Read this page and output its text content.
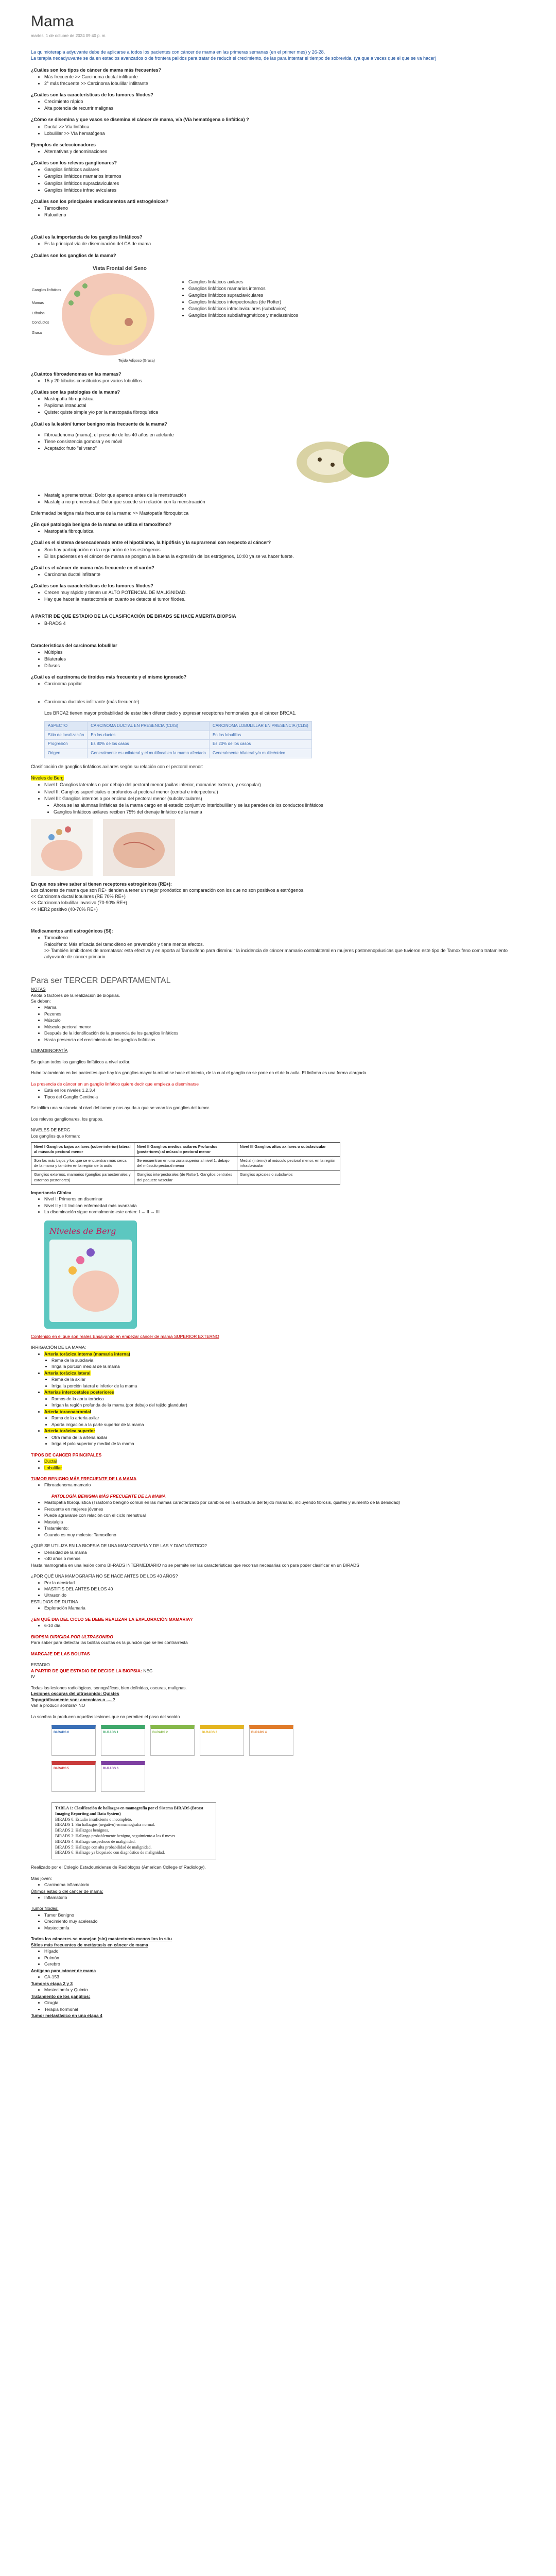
Mama
martes, 1 de octubre de 2024 09:40 p. m.

La quimioterapia adyuvante debe de aplicarse a todos los pacientes con cáncer de mama en las primeras semanas (en el primer mes) y 26-28.

La terapia neoadyuvante se da en estadios avanzados o de frontera palidos para tratar de reducir el crecimiento, de las para intentar el tiempo de sobrevida. (ya que a veces que el que se va hacer)

¿Cuáles son los tipos de cáncer de mama más frecuentes?

• Más frecuente >> Carcinoma ductal infiltrante
• 2° más frecuente >> Carcinoma lobulillar infiltrante

¿Cuáles son las características de los tumores filodes?

• Crecimiento rápido
• Alta potencia de recurrir malignas

¿Cómo se disemina y que vasos se disemina el cáncer de mama, vía (Vía hematógena o linfática) ?

• Ductal >> Vía linfática
• Lobulillar >> Vía hematógena

Ejemplos de seleccionadores

• Alternativas y denominaciones

¿Cuáles son los relevos ganglionares?

• Ganglios linfáticos axilares
• Ganglios linfáticos mamarios internos
• Ganglios linfáticos supraclaviculares
• Ganglios linfáticos infraclaviculares

¿Cuáles son los principales medicamentos anti estrogénicos?

• Tamoxifeno
• Raloxifeno

¿Cuál es la importancia de los ganglios linfáticos?

• Es la principal vía de diseminación del CA de mama

¿Cuáles son los ganglios de la mama?

Vista Frontal del Seno
Ganglios linfáticos
Mamas
Lóbulos
Conductos
Grasa
Tejido Adiposo (Grasa)
• Ganglios linfáticos axilares
• Ganglios linfáticos mamarios internos
• Ganglios linfáticos supraclaviculares
• Ganglios linfáticos interpectorales (de Rotter)
• Ganglios linfáticos infraclaviculares (subclavios)
• Ganglios linfáticos subdiafragmáticos y mediastínicos

¿Cuántos fibroadenomas en las mamas?

• 15 y 20 lóbulos constituidos por varios lobulillos

¿Cuáles son las patologías de la mama?

• Mastopatía fibroquística
• Papiloma intraductal
• Quiste: quiste simple y/o por la mastopatía fibroquística

¿Cuál es la lesión/ tumor benigno más frecuente de la mama?

• Fibroadenoma (mama), el presente de los 40 años en adelante
• Tiene consistencia gomosa y es móvil
• Aceptado: fruto "el vrano"
• Mastalgia premenstrual: Dolor que aparece antes de la menstruación
• Mastalgia no premenstrual: Dolor que sucede sin relación con la menstruación

Enfermedad benigna más frecuente de la mama: >> Mastopatía fibroquística

¿En qué patología benigna de la mama se utiliza el tamoxifeno?

• Mastopatía fibroquística

¿Cuál es el sistema desencadenado entre el hipotálamo, la hipófisis y la suprarrenal con respecto al cáncer?

• Son hay participación en la regulación de los estrógenos
• El los pacientes en el cáncer de mama se pongan a la buena la expresión de los estrógenos, 10:00 ya se va hacer fuerte.

¿Cuál es el cáncer de mama más frecuente en el varón?

• Carcinoma ductal infiltrante

¿Cuáles son las características de los tumores filodes?

• Crecen muy rápido y tienen un ALTO POTENCIAL DE MALIGNIDAD.
• Hay que hacer la mastectomía en cuanto se detecte el tumor filodes.

A PARTIR DE QUE ESTADIO DE LA CLASIFICACIÓN DE BIRADS SE HACE AMERITA BIOPSIA

• B-RADS 4

Características del carcinoma lobulillar

• Múltiples
• Bilaterales
• Difusos

¿Cuál es el carcinoma de tiroides más frecuente y el mismo ignorado?

• Carcinoma papilar
• Carcinoma ductales infiltrante (más frecuente)

Los BRCA2 tienen mayor probabilidad de estar bien diferenciado y expresar receptores hormonales que el cáncer BRCA1.

ASPECTO	CARCINOMA DUCTAL EN PRESENCIA (CDIS)	CARCINOMA LOBULILLAR EN PRESENCIA (CLIS)
Sitio de localización	En los ductos	En los lobulillos
Progresión	Es 80% de los casos	Es 20% de los casos
Origen	Generalmente es unilateral y el multifocal en la mama afectada	Generalmente bilateral y/o multicéntrico

Clasificación de ganglios linfáticos axilares según su relación con el pectoral menor:

Niveles de Berg

• Nivel I: Ganglios laterales o por debajo del pectoral menor (axilas inferior, mamarias externa, y escapular)
• Nivel II: Ganglios superficiales o profundos al pectoral menor (central e interpectoral)
• Nivel III: Ganglios internos o por encima del pectoral menor (subclaviculares)
• Ahora se las alumnas linfáticas de la mama cargo en el estadio conjuntivo interlobulillar y se las paredes de los conductos linfáticos
• Ganglios linfáticos axilares reciben 75% del drenaje linfático de la mama

En que nos sirve saber si tienen receptores estrogénicos (RE+):

Los cánceres de mama que son RE+ tienden a tener un mejor pronóstico en comparación con los que no son positivos a estrógenos.

<< Carcinoma ductal lobulares (RE 70% RE+)

<< Carcinoma lobulillar invasivo (70-90% RE+)

<< HER2 positivo (40-70% RE+)

Medicamentos anti estrogénicos (SI):

• Tamoxifeno

Raloxifeno: Más eficacia del tamoxifeno en prevención y tiene menos efectos.

>> También inhibidores de aromatasa: esta efectiva y en aporta al Tamoxifeno para disminuir la incidencia de cáncer mamario contralateral en mujeres postmenopáusicas que tuvieron este tipo de Tamoxifeno como tratamiento adyuvante de cáncer primario.

Para ser TERCER DEPARTAMENTAL

NOTAS

Anota o factores de la realización de biopsias.

Se deben:

• Mama
• Pezones
• Músculo
• Músculo pectoral menor
• Después de la identificación de la presencia de los ganglios linfáticos
• Hasta presencia del crecimiento de los ganglios linfáticos

LINFADENOPATÍA

Se quitan todos los ganglios linfáticos a nivel axilar.

Hubo tratamiento en las pacientes que hay los ganglios mayor la mitad se hace el intento, de la cual el ganglio no se pone en el de la axila. El linfoma es una forma alargada.

La presencia de cáncer en un ganglio linfático quiere decir que empieza a diseminarse

• Está en los niveles 1,2,3,4
• Tipos del Ganglio Centinela

Se infiltra una sustancia al nivel del tumor y nos ayuda a que se vean los ganglios del tumor.

Los relevos ganglionares, los grupos.

NIVELES DE BERG

Los ganglios que forman:

Nivel I Ganglios bajos axilares (sobre inferior) lateral al músculo pectoral menor	Nivel II Ganglios medios axilares Profundos (posteriores) al músculo pectoral menor	Nivel III Ganglios altos axilares o subclavicular
Son los más bajos y los que se encuentran más cerca de la mama y también en la región de la axila	Se encuentran en una zona superior al nivel 1, debajo del músculo pectoral menor	Medial (interno) al músculo pectoral menor, en la región infraclavicular
Ganglios externos, mamarios (ganglios paraesternales y externos posteriores)	Ganglios interpectorales (de Rotter). Ganglios centrales del paquete vascular	Ganglios apicales o subclavios

Importancia Clínica

• Nivel I: Primeros en diseminar
• Nivel II y III: Indican enfermedad más avanzada
• La diseminación sigue normalmente este orden: I → II → III
Niveles de Berg

Contenido en el que son reales Ensayando en empezar cáncer de mama SUPERIOR EXTERNO

IRRIGACIÓN DE LA MAMA:

• Arteria torácica interna (mamaria interna)
• Rama de la subclavia
• Irriga la porción medial de la mama
• Arteria torácica lateral
• Rama de la axilar
• Irriga la porción lateral e inferior de la mama
• Arterias intercostales posteriores
• Ramos de la aorta torácica
• Irrigan la región profunda de la mama (por debajo del tejido glandular)
• Arteria toracoacromial
• Rama de la arteria axilar
• Aporta irrigación a la parte superior de la mama
• Arteria torácica superior
• Otra rama de la arteria axilar
• Irriga el polo superior y medial de la mama

TIPOS DE CANCER PRINCIPALES

• Ductal
• Lobulillar

TUMOR BENIGNO MÁS FRECUENTE DE LA MAMA

• Fibroadenoma mamario

PATOLOGÍA BENIGNA MÁS FRECUENTE DE LA MAMA

• Mastopatía fibroquística (Trastorno benigno común en las mamas caracterizado por cambios en la estructura del tejido mamario, incluyendo fibrosis, quistes y aumento de la densidad)
• Frecuente en mujeres jóvenes
• Puede agravarse con relación con el ciclo menstrual
• Mastalgia
• Tratamiento:
• Cuando es muy molesto: Tamoxifeno

¿QUÉ SE UTILIZA EN LA BIOPSIA DE UNA MAMOGRAFÍA Y DE LAS Y DIAGNÓSTICO?

• Densidad de la mama
• <40 años o menos

Hasta mamografía en una lesión como BI-RADS INTERMEDIARIO no se permite ver las características que recorran necesarias con para poder clasificar en un BIRADS

¿POR QUÉ UNA MAMOGRAFÍA NO SE HACE ANTES DE LOS 40 AÑOS?

• Por la densidad
• MASTITIS DEL ANTES DE LOS 40
• Ultrasonido

ESTUDIOS DE RUTINA

• Exploración Mamaria

¿EN QUÉ DIA DEL CICLO SE DEBE REALIZAR LA EXPLORACIÓN MAMARIA?

• 6-10 día

BIOPSIA DIRIGIDA POR ULTRASONIDO

Para saber para detectar las bolitas ocultas es la punción que se les contrarresta

MARCAJE DE LAS BOLITAS

ESTADIO

A PARTIR DE QUE ESTADIO DE DECIDE LA BIOPSIA: NEC

IV

Todas las lesiones radiológicas, sonográficas, bien definidas, oscuras, malignas.

Lesiones oscuras del ultrasonido: Quistes

Topográficamente son: anecoicas o .....?

Van a producir sombra? NO

La sombra la producen aquellas lesiones que no permiten el paso del sonido

BI-RADS 0	BI-RADS 1	BI-RADS 2	BI-RADS 3	BI-RADS 4
BI-RADS 5	BI-RADS 6

TABLA 1: Clasificación de hallazgos en mamografía por el Sistema BIRADS (Breast Imaging Reporting and Data System)

BIRADS 0: Estudio insuficiente o incompleto.

BIRADS 1: Sin hallazgos (negativo) en mamografía normal.

BIRADS 2: Hallazgos benignos.

BIRADS 3: Hallazgo probablemente benigno, seguimiento a los 6 meses.

BIRADS 4: Hallazgo sospechoso de malignidad.

BIRADS 5: Hallazgo con alta probabilidad de malignidad.

BIRADS 6: Hallazgo ya biopsiado con diagnóstico de malignidad.

Realizado por el Colegio Estadounidense de Radiólogos (American College of Radiology).

Mas joven:

• Carcinoma inflamatorio

Últimos estadío del cáncer de mama:

• Inflamatorio

Tumor filodes:

• Tumor Benigno
• Crecimiento muy acelerado
• Mastectomía

Todos los cánceres se manejan (sin) mastectomía menos los in situ

Sitios más frecuentes de metástasis en cáncer de mama

• Hígado
• Pulmón
• Cerebro

Antígeno para cáncer de mama

• CA-153

Tumores etapa 2 y 3

• Mastectomía y Quimio

Tratamiento de los ganglios:

• Cirugía
• Terapia hormonal

Tumor metastásico en una etapa 4
